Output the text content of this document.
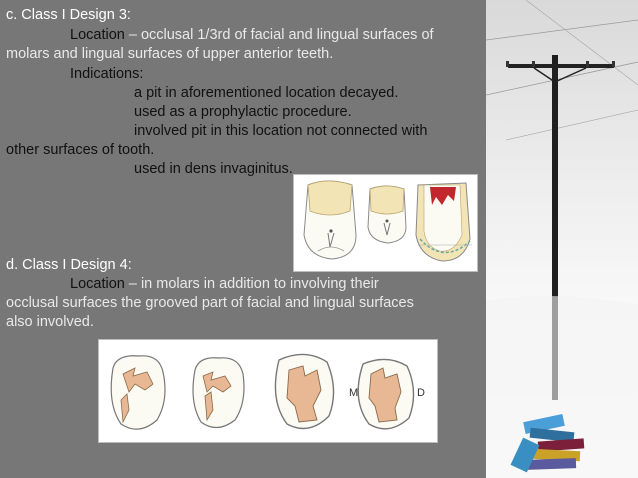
c. Class I Design 3:
Location – occlusal 1/3rd of facial and lingual surfaces of
molars and lingual surfaces of upper anterior teeth.
Indications:
a pit in aforementioned location decayed.
used as a prophylactic procedure.
involved pit in this location not connected with
other surfaces of tooth.
used in dens invaginitus.
d. Class I Design 4:
Location – in molars in addition to involving their
occlusal surfaces the grooved part of facial and lingual surfaces
also involved.
M	D
